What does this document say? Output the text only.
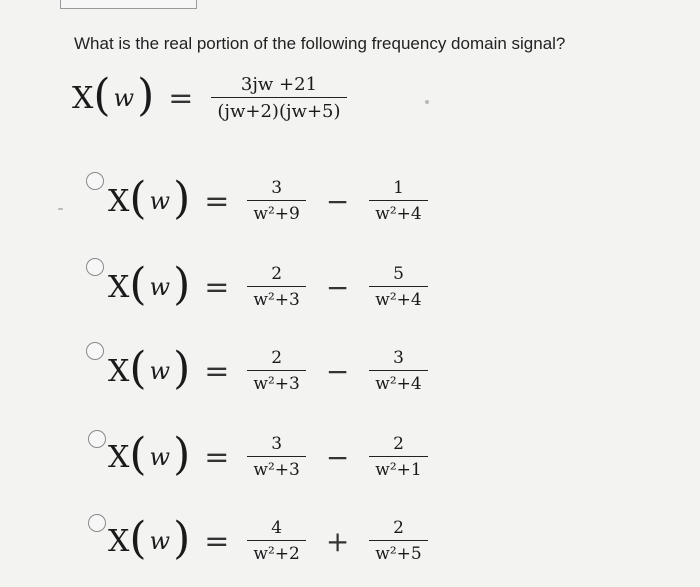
What is the real portion of the following frequency domain signal?
X ( w ) = $\frac{3jw +21}{(jw+2)(jw+5)}$
X ( w ) = $\frac{3}{\text{w²+9}} - \frac{1}{\text{w²+4}}$
X ( w ) = $\frac{2}{\text{w²+3}} - \frac{5}{\text{w²+4}}$
X ( w ) = $\frac{2}{\text{w²+3}} - \frac{3}{\text{w²+4}}$
X ( w ) = $\frac{3}{\text{w²+3}} - \frac{2}{\text{w²+1}}$
X ( w ) = $\frac{4}{\text{w²+2}} + \frac{2}{\text{w²+5}}$
